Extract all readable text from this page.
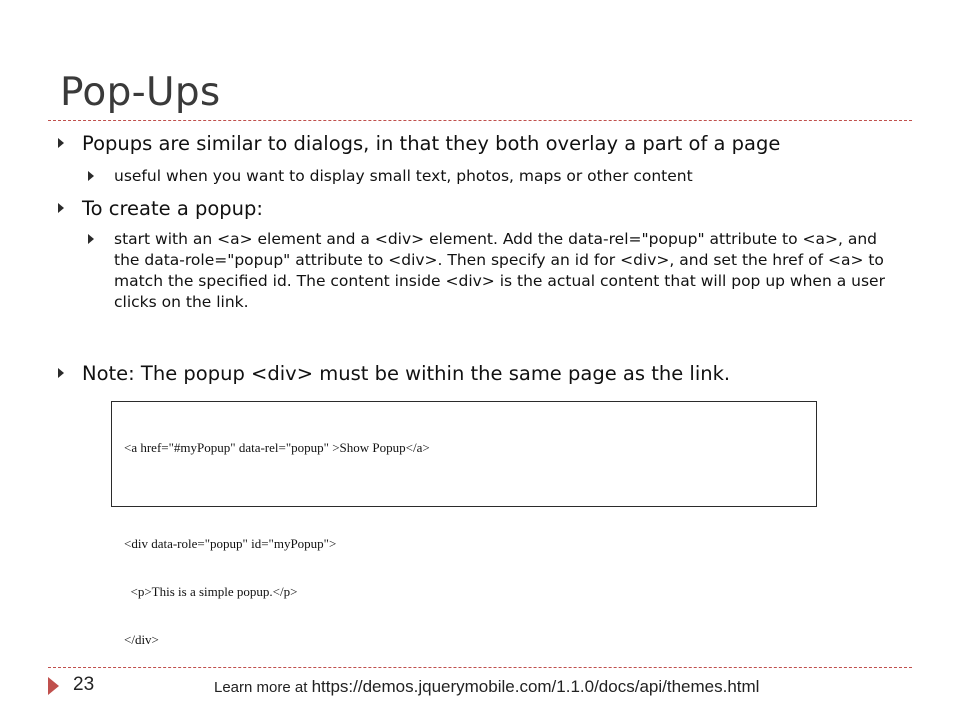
Pop-Ups
Popups are similar to dialogs, in that they both overlay a part of a page
useful when you want to display small text, photos, maps or other content
To create a popup:
start with an <a> element and a <div> element. Add the data-rel="popup" attribute to <a>, and the data-role="popup" attribute to <div>. Then specify an id for <div>, and set the href of <a> to match the specified id. The content inside <div> is the actual content that will pop up when a user clicks on the link.
Note: The popup <div> must be within the same page as the link.

<a href="#myPopup" data-rel="popup" >Show Popup</a>

<div data-role="popup" id="myPopup">

<p>This is a simple popup.</p>

</div>

23	Learn more at https://demos.jquerymobile.com/1.1.0/docs/api/themes.html
